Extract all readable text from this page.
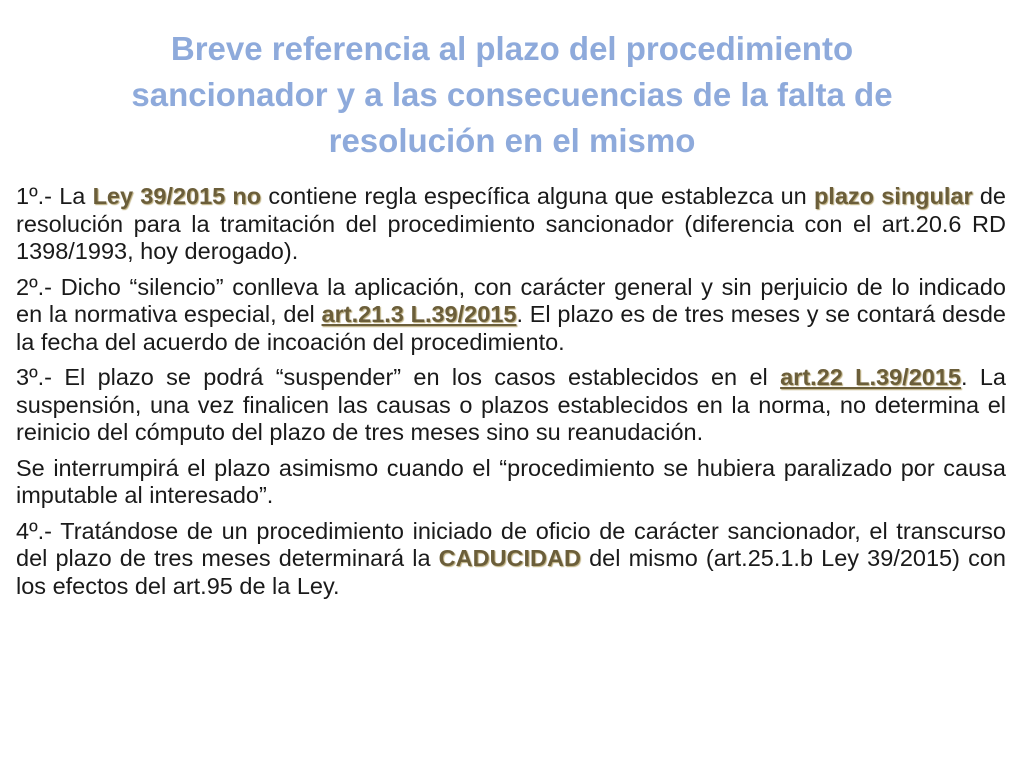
Breve referencia al plazo del procedimiento
sancionador y a las consecuencias de la falta de
resolución en el mismo

1º.- La Ley 39/2015 no contiene regla específica alguna que establezca un plazo singular de resolución para la tramitación del procedimiento sancionador (diferencia con el art.20.6 RD 1398/1993, hoy derogado).

2º.- Dicho “silencio” conlleva la aplicación, con carácter general y sin perjuicio de lo indicado en la normativa especial, del art.21.3 L.39/2015. El plazo es de tres meses y se contará desde la fecha del acuerdo de incoación del procedimiento.

3º.- El plazo se podrá “suspender” en los casos establecidos en el art.22 L.39/2015. La suspensión, una vez finalicen las causas o plazos establecidos en la norma, no determina el reinicio del cómputo del plazo de tres meses sino su reanudación.

Se interrumpirá el plazo asimismo cuando el “procedimiento se hubiera paralizado por causa imputable al interesado”.

4º.- Tratándose de un procedimiento iniciado de oficio de carácter sancionador, el transcurso del plazo de tres meses determinará la CADUCIDAD del mismo (art.25.1.b Ley 39/2015) con los efectos del art.95 de la Ley.
